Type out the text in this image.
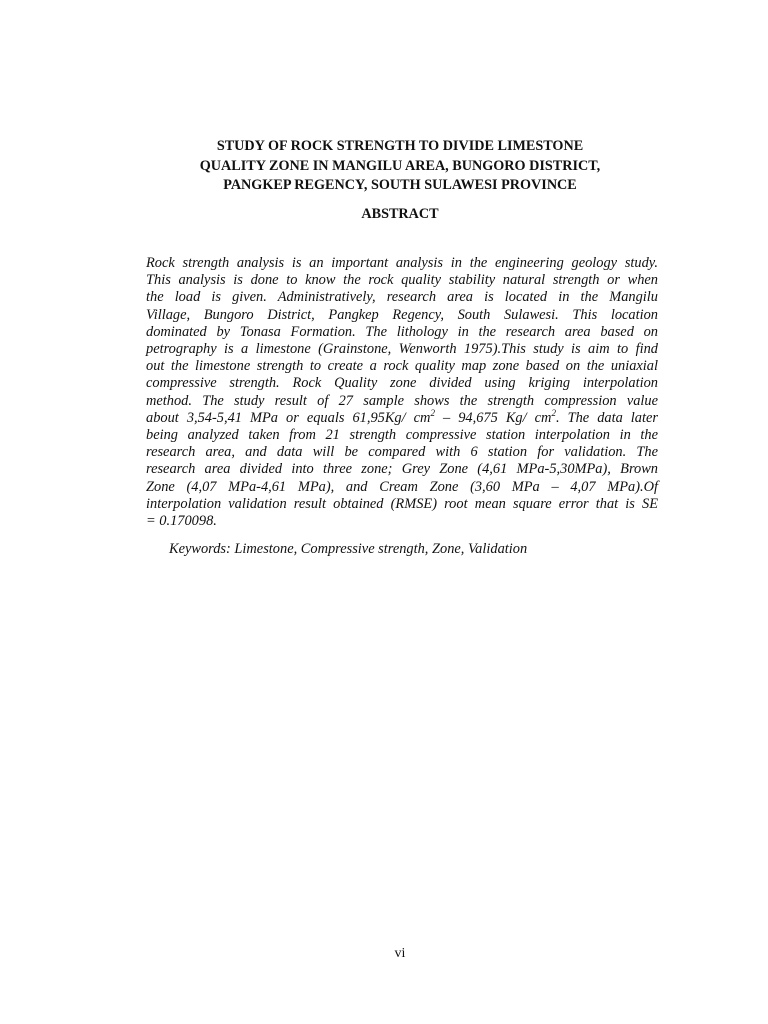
STUDY OF ROCK STRENGTH TO DIVIDE LIMESTONE
QUALITY ZONE IN MANGILU AREA, BUNGORO DISTRICT,
PANGKEP REGENCY, SOUTH SULAWESI PROVINCE
ABSTRACT
Rock strength analysis is an important analysis in the engineering geology study.
This analysis is done to know the rock quality stability natural strength or when
the load is given. Administratively, research area is located in the Mangilu
Village, Bungoro District, Pangkep Regency, South Sulawesi. This location
dominated by Tonasa Formation. The lithology in the research area based on
petrography is a limestone (Grainstone, Wenworth 1975).This study is aim to find
out the limestone strength to create a rock quality map zone based on the uniaxial
compressive strength. Rock Quality zone divided using kriging interpolation
method. The study result of 27 sample shows the strength compression value
about 3,54-5,41 MPa or equals 61,95Kg/ $cm^2 - 94,675$ Kg/ $cm^2$. The data later
being analyzed taken from 21 strength compressive station interpolation in the
research area, and data will be compared with 6 station for validation. The
research area divided into three zone; Grey Zone (4,61 MPa-5,30MPa), Brown
Zone (4,07 MPa-4,61 MPa), and Cream Zone (3,60 MPa – 4,07 MPa).Of
interpolation validation result obtained (RMSE) root mean square error that is SE
= 0.170098.
Keywords: Limestone, Compressive strength, Zone, Validation
vi
